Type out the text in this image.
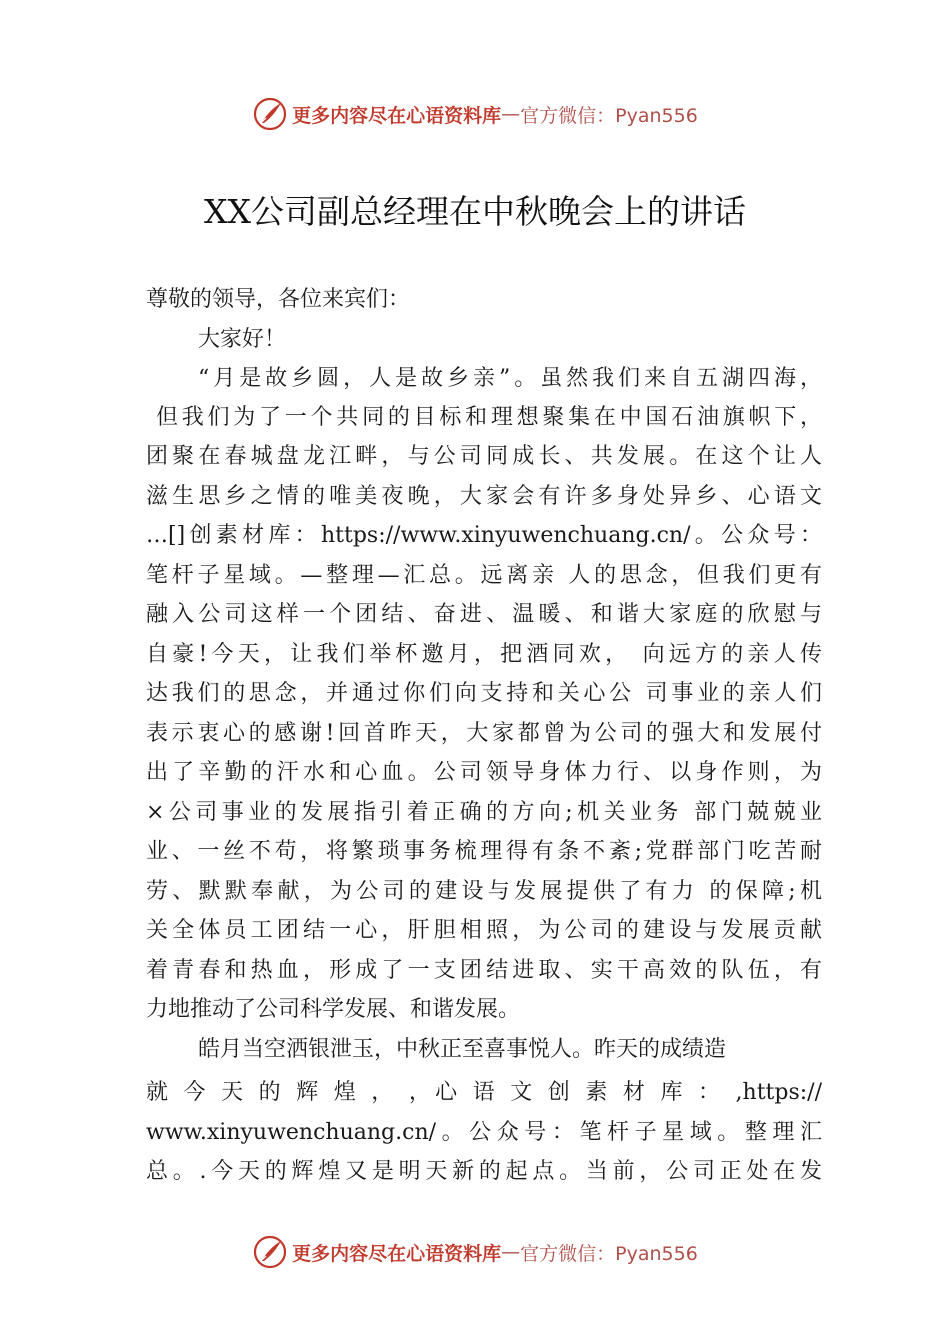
更多内容尽在心语资料库 — 官方微信：Pyan556
XX公司副总经理在中秋晚会上的讲话
尊敬的领导，各位来宾们：
大家好！
“月是故乡圆，人是故乡亲”。虽然我们来自五湖四海，
但我们为了一个共同的目标和理想聚集在中国石油旗帜下，
团聚在春城盘龙江畔，与公司同成长、共发展。在这个让人
滋生思乡之情的唯美夜晚，大家会有许多身处异乡、心语文
…[]创素材库：https://www.xinyuwenchuang.cn/。公众号：
笔杆子星域。—整理—汇总。远离亲 人的思念，但我们更有
融入公司这样一个团结、奋进、温暖、和谐大家庭的欣慰与
自豪!今天，让我们举杯邀月，把酒同欢， 向远方的亲人传
达我们的思念，并通过你们向支持和关心公 司事业的亲人们
表示衷心的感谢!回首昨天，大家都曾为公司的强大和发展付
出了辛勤的汗水和心血。公司领导身体力行、以身作则，为
×公司事业的发展指引着正确的方向;机关业务 部门兢兢业
业、一丝不苟，将繁琐事务梳理得有条不紊;党群部门吃苦耐
劳、默默奉献，为公司的建设与发展提供了有力 的保障;机
关全体员工团结一心，肝胆相照，为公司的建设与发展贡献
着青春和热血，形成了一支团结进取、实干高效的队伍，有
力地推动了公司科学发展、和谐发展。
皓月当空洒银泄玉，中秋正至喜事悦人。昨天的成绩造
就 今 天 的 辉 煌 ， ，心 语 文 创 素 材 库 ： ,https://
www.xinyuwenchuang.cn/。公众号：笔杆子星域。整理汇
总。.今天的辉煌又是明天新的起点。当前，公司正处在发
更多内容尽在心语资料库 — 官方微信：Pyan556
